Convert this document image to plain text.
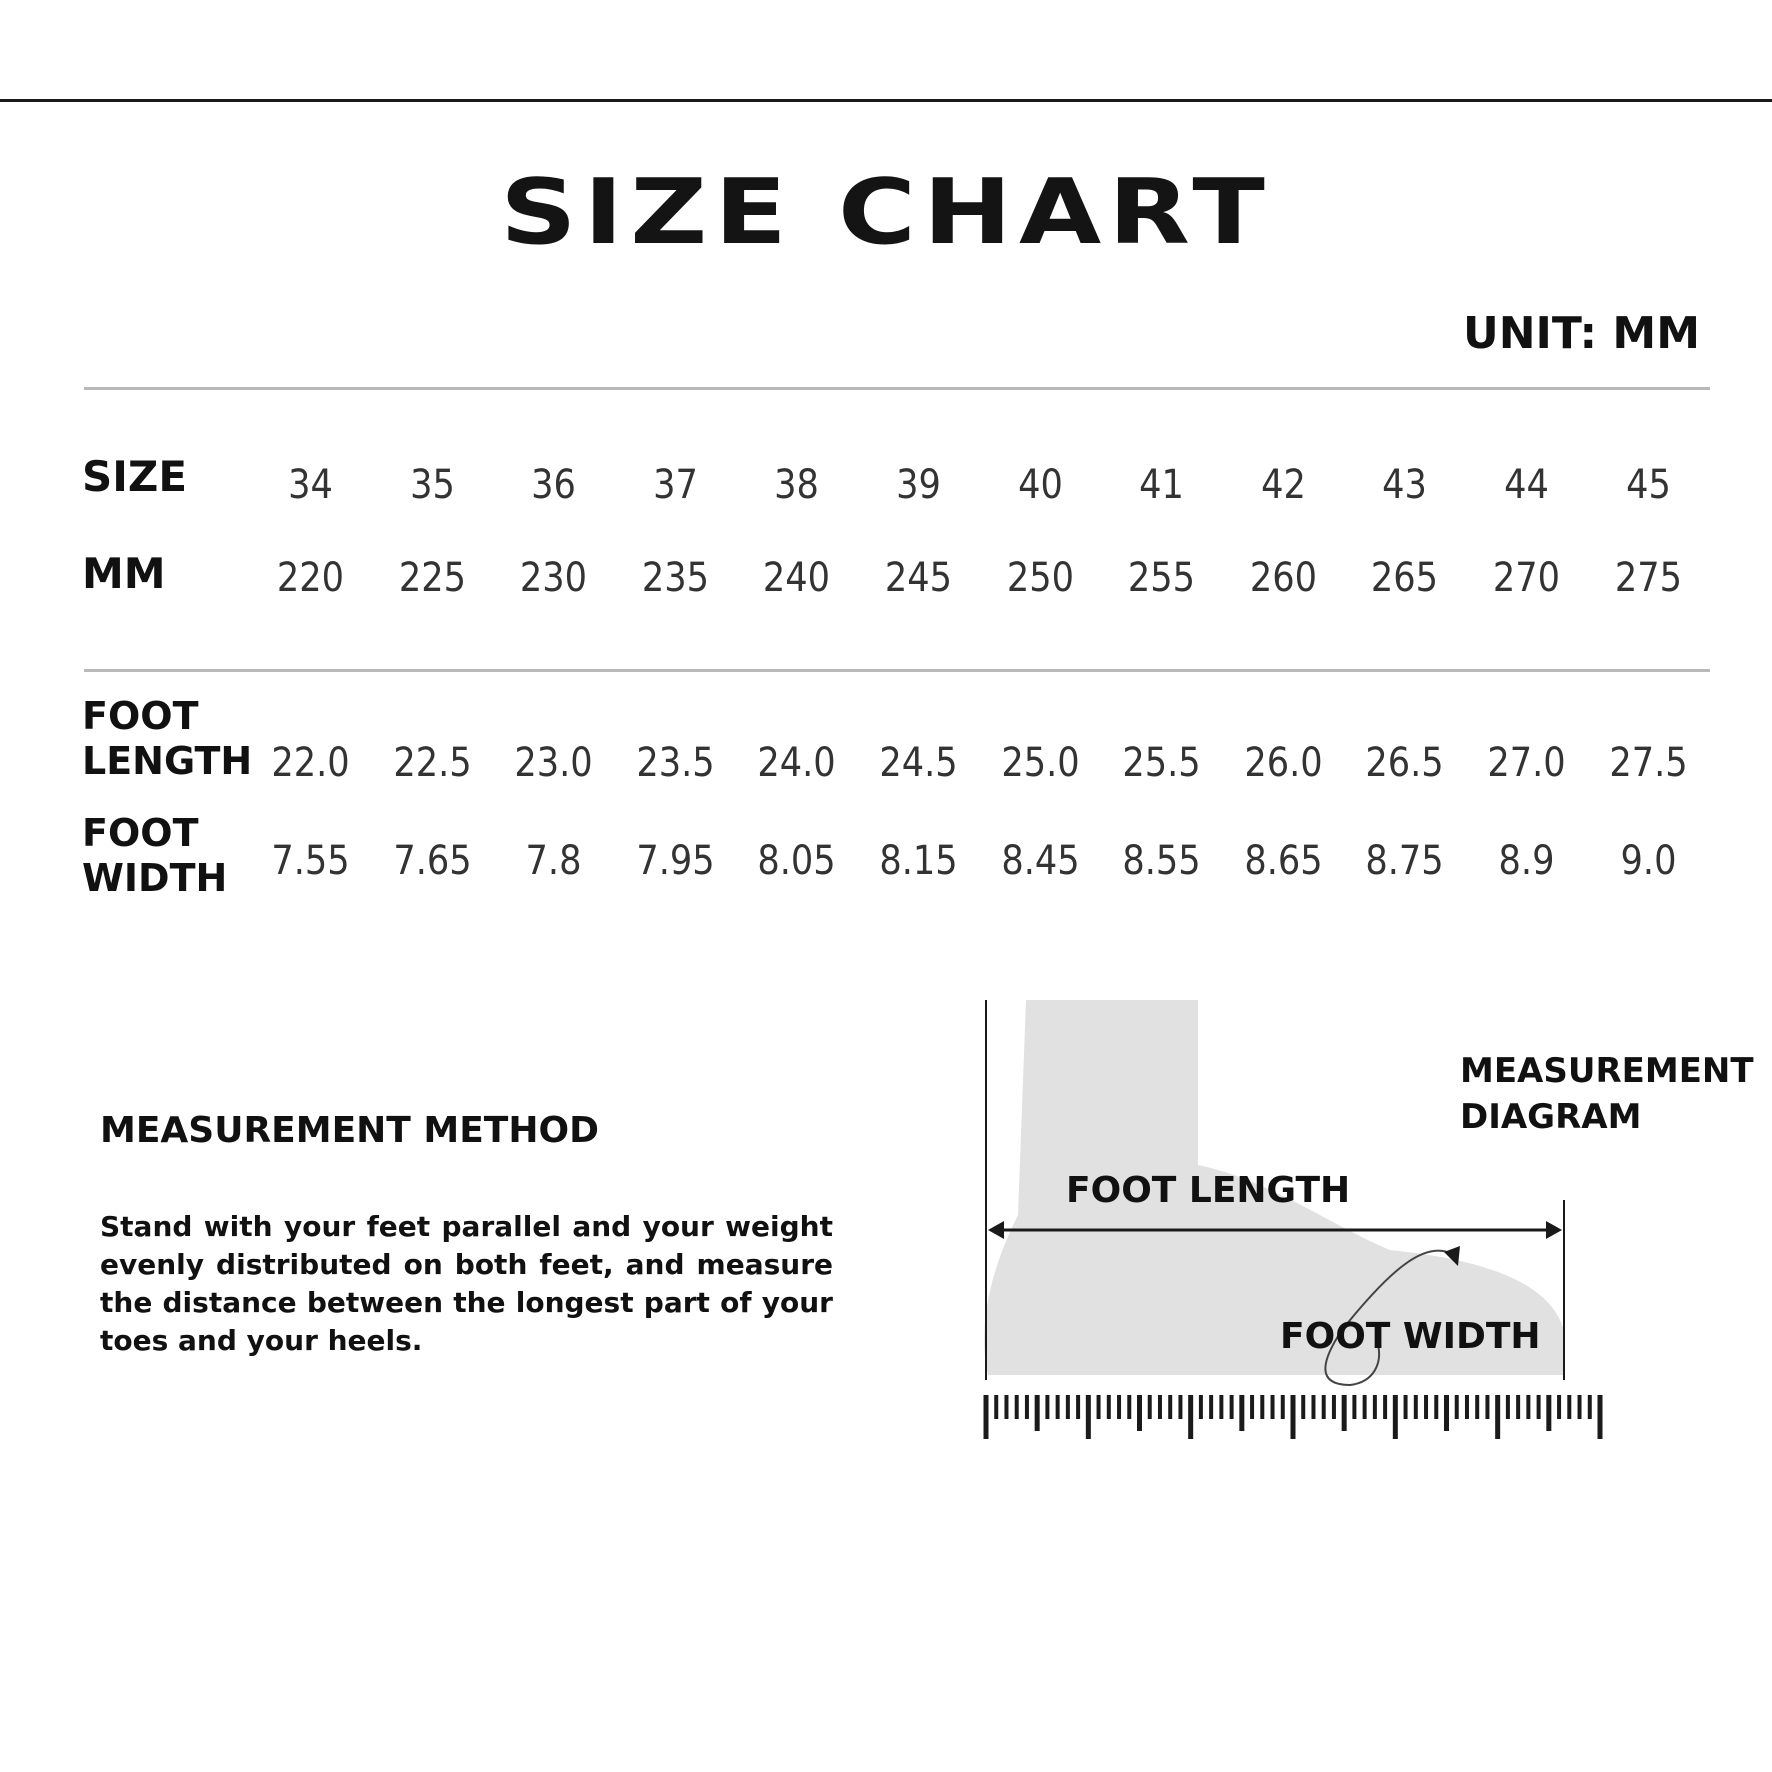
SIZE CHART
UNIT: MM
SIZE	34	35	36	37	38	39	40	41	42	43	44	45
MM	220	225	230	235	240	245	250	255	260	265	270	275
FOOT
LENGTH 22.0	22.5	23.0	23.5	24.0	24.5	25.0	25.5	26.0	26.5	27.0	27.5
FOOT
WIDTH	7.55	7.65	7.8	7.95	8.05	8.15	8.45	8.55	8.65	8.75	8.9	9.0
MEASUREMENT METHOD
Stand with your feet parallel and your weight evenly distributed on both feet, and measure the distance between the longest part of your toes and your heels.
MEASUREMENT
DIAGRAM
FOOT LENGTH
FOOT WIDTH
